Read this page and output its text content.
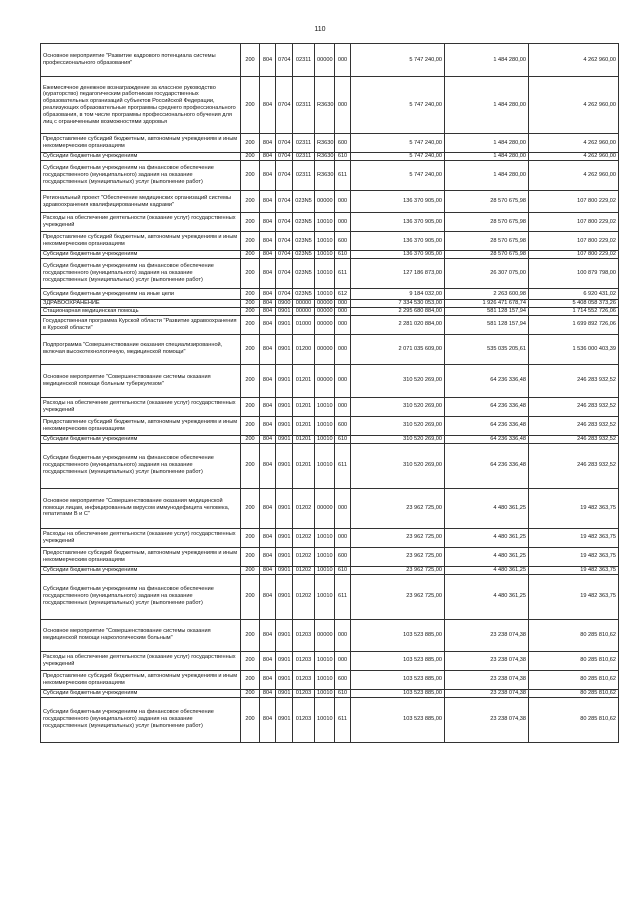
110
Основное мероприятие "Развитие кадрового потенциала системы профессионального образования"	200	804	0704	02311	00000	000	5 747 240,00	1 484 280,00	4 262 960,00
Ежемесячное денежное вознаграждение за классное руководство (кураторство) педагогическим работникам государственных образовательных организаций субъектов Российской Федерации, реализующих образовательные программы среднего профессионального образования, в том числе программы профессионального обучения для лиц с ограниченными возможностями здоровья	200	804	0704	02311	R3630	000	5 747 240,00	1 484 280,00	4 262 960,00
Предоставление субсидий бюджетным, автономным учреждениям и иным некоммерческим организациям	200	804	0704	02311	R3630	600	5 747 240,00	1 484 280,00	4 262 960,00
Субсидии бюджетным учреждениям	200	804	0704	02311	R3630	610	5 747 240,00	1 484 280,00	4 262 960,00
Субсидии бюджетным учреждениям на финансовое обеспечение государственного (муниципального) задания на оказание государственных (муниципальных) услуг (выполнение работ)	200	804	0704	02311	R3630	611	5 747 240,00	1 484 280,00	4 262 960,00
Региональный проект "Обеспечение медицинских организаций системы здравоохранения квалифицированными кадрами"	200	804	0704	023N5	00000	000	136 370 905,00	28 570 675,98	107 800 229,02
Расходы на обеспечение деятельности (оказание услуг) государственных учреждений	200	804	0704	023N5	10010	000	136 370 905,00	28 570 675,98	107 800 229,02
Предоставление субсидий бюджетным, автономным учреждениям и иным некоммерческим организациям	200	804	0704	023N5	10010	600	136 370 905,00	28 570 675,98	107 800 229,02
Субсидии бюджетным учреждениям	200	804	0704	023N5	10010	610	136 370 905,00	28 570 675,98	107 800 229,02
Субсидии бюджетным учреждениям на финансовое обеспечение государственного (муниципального) задания на оказание государственных (муниципальных) услуг (выполнение работ)	200	804	0704	023N5	10010	611	127 186 873,00	26 307 075,00	100 879 798,00
Субсидии бюджетным учреждениям на иные цели	200	804	0704	023N5	10010	612	9 184 032,00	2 263 600,98	6 920 431,02
ЗДРАВООХРАНЕНИЕ	200	804	0900	00000	00000	000	7 334 530 053,00	1 926 471 678,74	5 408 058 373,26
Стационарная медицинская помощь	200	804	0901	00000	00000	000	2 295 680 884,00	581 128 157,94	1 714 552 726,06
Государственная программа Курской области "Развитие здравоохранения в Курской области"	200	804	0901	01000	00000	000	2 281 020 884,00	581 128 157,94	1 699 892 726,06
Подпрограмма "Совершенствование оказания специализированной, включая высокотехнологичную, медицинской помощи"	200	804	0901	01200	00000	000	2 071 035 609,00	535 035 205,61	1 536 000 403,39
Основное мероприятие "Совершенствование системы оказания медицинской помощи больным туберкулезом"	200	804	0901	01201	00000	000	310 520 269,00	64 236 336,48	246 283 932,52
Расходы на обеспечение деятельности (оказание услуг) государственных учреждений	200	804	0901	01201	10010	000	310 520 269,00	64 236 336,48	246 283 932,52
Предоставление субсидий бюджетным, автономным учреждениям и иным некоммерческим организациям	200	804	0901	01201	10010	600	310 520 269,00	64 236 336,48	246 283 932,52
Субсидии бюджетным учреждениям	200	804	0901	01201	10010	610	310 520 269,00	64 236 336,48	246 283 932,52
Субсидии бюджетным учреждениям на финансовое обеспечение государственного (муниципального) задания на оказание государственных (муниципальных) услуг (выполнение работ)	200	804	0901	01201	10010	611	310 520 269,00	64 236 336,48	246 283 932,52
Основное мероприятие "Совершенствование оказания медицинской помощи лицам, инфицированным вирусом иммунодефицита человека, гепатитами В и С"	200	804	0901	01202	00000	000	23 962 725,00	4 480 361,25	19 482 363,75
Расходы на обеспечение деятельности (оказание услуг) государственных учреждений	200	804	0901	01202	10010	000	23 962 725,00	4 480 361,25	19 482 363,75
Предоставление субсидий бюджетным, автономным учреждениям и иным некоммерческим организациям	200	804	0901	01202	10010	600	23 962 725,00	4 480 361,25	19 482 363,75
Субсидии бюджетным учреждениям	200	804	0901	01202	10010	610	23 962 725,00	4 480 361,25	19 482 363,75
Субсидии бюджетным учреждениям на финансовое обеспечение государственного (муниципального) задания на оказание государственных (муниципальных) услуг (выполнение работ)	200	804	0901	01202	10010	611	23 962 725,00	4 480 361,25	19 482 363,75
Основное мероприятие "Совершенствование системы оказания медицинской помощи наркологическим больным"	200	804	0901	01203	00000	000	103 523 885,00	23 238 074,38	80 285 810,62
Расходы на обеспечение деятельности (оказание услуг) государственных учреждений	200	804	0901	01203	10010	000	103 523 885,00	23 238 074,38	80 285 810,62
Предоставление субсидий бюджетным, автономным учреждениям и иным некоммерческим организациям	200	804	0901	01203	10010	600	103 523 885,00	23 238 074,38	80 285 810,62
Субсидии бюджетным учреждениям	200	804	0901	01203	10010	610	103 523 885,00	23 238 074,38	80 285 810,62
Субсидии бюджетным учреждениям на финансовое обеспечение государственного (муниципального) задания на оказание государственных (муниципальных) услуг (выполнение работ)	200	804	0901	01203	10010	611	103 523 885,00	23 238 074,38	80 285 810,62
